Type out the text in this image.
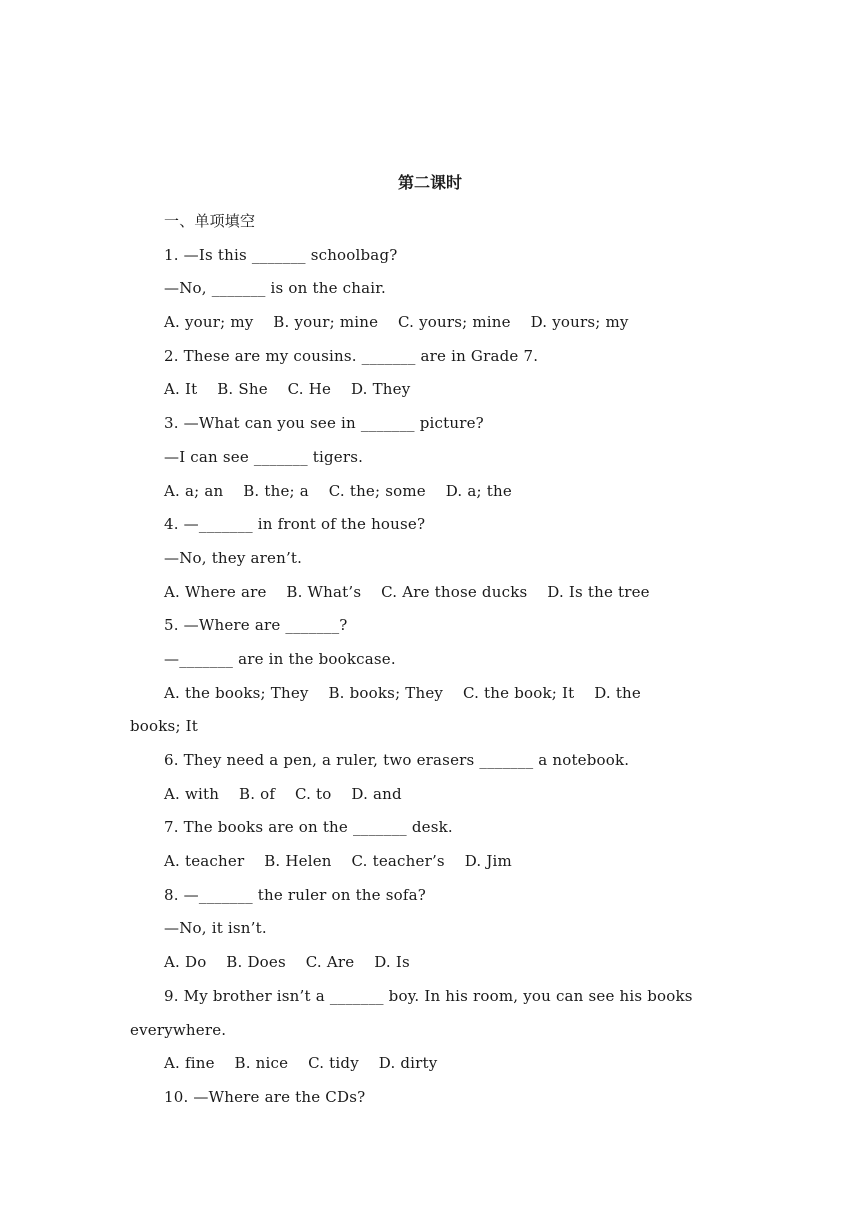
第二课时
一、单项填空
1. —Is this _______ schoolbag?
—No, _______ is on the chair.
A. your; my    B. your; mine    C. yours; mine    D. yours; my
2. These are my cousins. _______ are in Grade 7.
A. It    B. She    C. He    D. They
3. —What can you see in _______ picture?
—I can see _______ tigers.
A. a; an    B. the; a    C. the; some    D. a; the
4. —_______ in front of the house?
—No, they aren’t.
A. Where are    B. What’s    C. Are those ducks    D. Is the tree
5. —Where are _______?
—_______ are in the bookcase.
A. the books; They    B. books; They    C. the book; It    D. the
books; It
6. They need a pen, a ruler, two erasers _______ a notebook.
A. with    B. of    C. to    D. and
7. The books are on the _______ desk.
A. teacher    B. Helen    C. teacher’s    D. Jim
8. —_______ the ruler on the sofa?
—No, it isn’t.
A. Do    B. Does    C. Are    D. Is
9. My brother isn’t a _______ boy. In his room, you can see his books
everywhere.
A. fine    B. nice    C. tidy    D. dirty
10. —Where are the CDs?
